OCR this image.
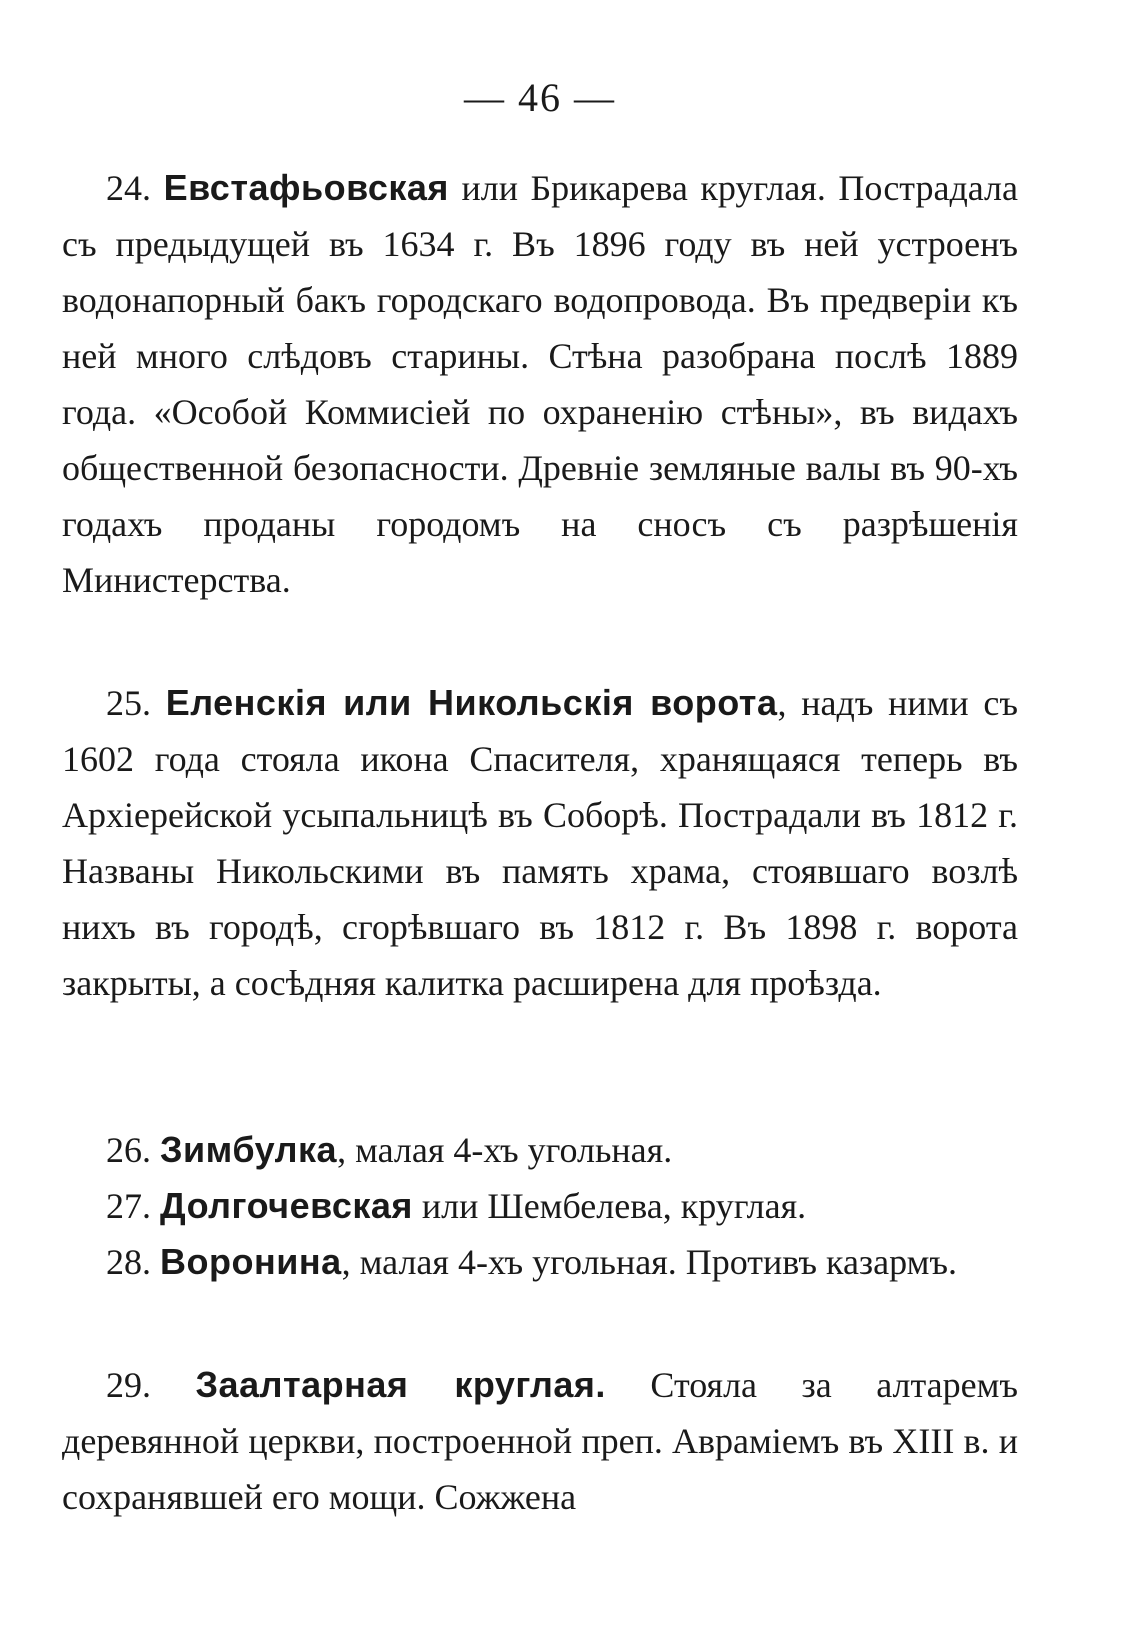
— 46 —

24. Евстафьовская или Брикарева круглая. Пострадала съ предыдущей въ 1634 г. Въ 1896 году въ ней устроенъ водонапорный бакъ городскаго водопровода. Въ предверіи къ ней много слѣдовъ старины. Стѣна разобрана послѣ 1889 года. «Особой Коммисіей по охраненію стѣны», въ видахъ общественной безопасности. Древніе земляные валы въ 90-хъ годахъ проданы городомъ на сносъ съ разрѣшенія Министерства.

25. Еленскія или Никольскія ворота, надъ ними съ 1602 года стояла икона Спасителя, хранящаяся теперь въ Архіерейской усыпальницѣ въ Соборѣ. Пострадали въ 1812 г. Названы Никольскими въ память храма, стоявшаго возлѣ нихъ въ городѣ, сгорѣвшаго въ 1812 г. Въ 1898 г. ворота закрыты, а сосѣдняя калитка расширена для проѣзда.

26. Зимбулка, малая 4-хъ угольная.

27. Долгочевская или Шембелева, круглая.

28. Воронина, малая 4-хъ угольная. Противъ казармъ.

29. Заалтарная круглая. Стояла за алтаремъ деревянной церкви, построенной преп. Авраміемъ въ XIII в. и сохранявшей его мощи. Сожжена
